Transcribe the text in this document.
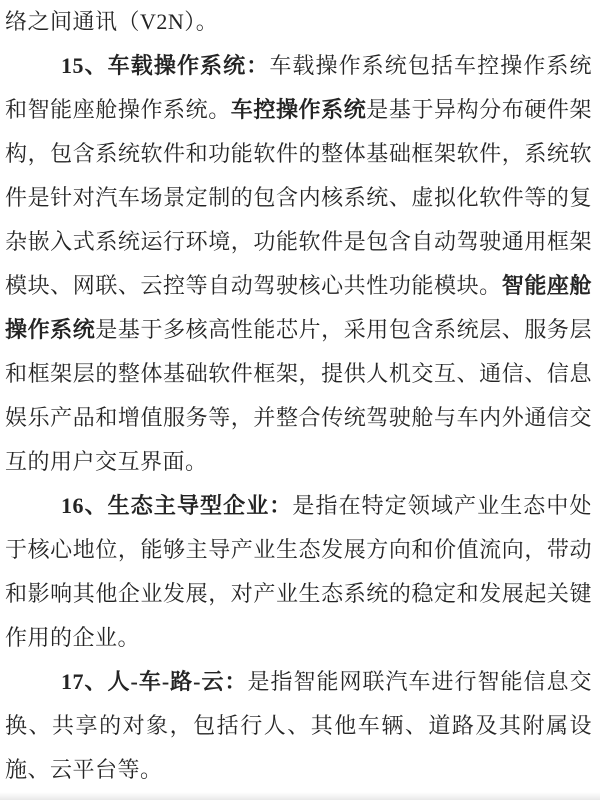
络之间通讯（V2N）。

15、车载操作系统：车载操作系统包括车控操作系统和智能座舱操作系统。车控操作系统是基于异构分布硬件架构，包含系统软件和功能软件的整体基础框架软件，系统软件是针对汽车场景定制的包含内核系统、虚拟化软件等的复杂嵌入式系统运行环境，功能软件是包含自动驾驶通用框架模块、网联、云控等自动驾驶核心共性功能模块。智能座舱操作系统是基于多核高性能芯片，采用包含系统层、服务层和框架层的整体基础软件框架，提供人机交互、通信、信息娱乐产品和增值服务等，并整合传统驾驶舱与车内外通信交互的用户交互界面。

16、生态主导型企业：是指在特定领域产业生态中处于核心地位，能够主导产业生态发展方向和价值流向，带动和影响其他企业发展，对产业生态系统的稳定和发展起关键作用的企业。

17、人-车-路-云：是指智能网联汽车进行智能信息交换、共享的对象，包括行人、其他车辆、道路及其附属设施、云平台等。
